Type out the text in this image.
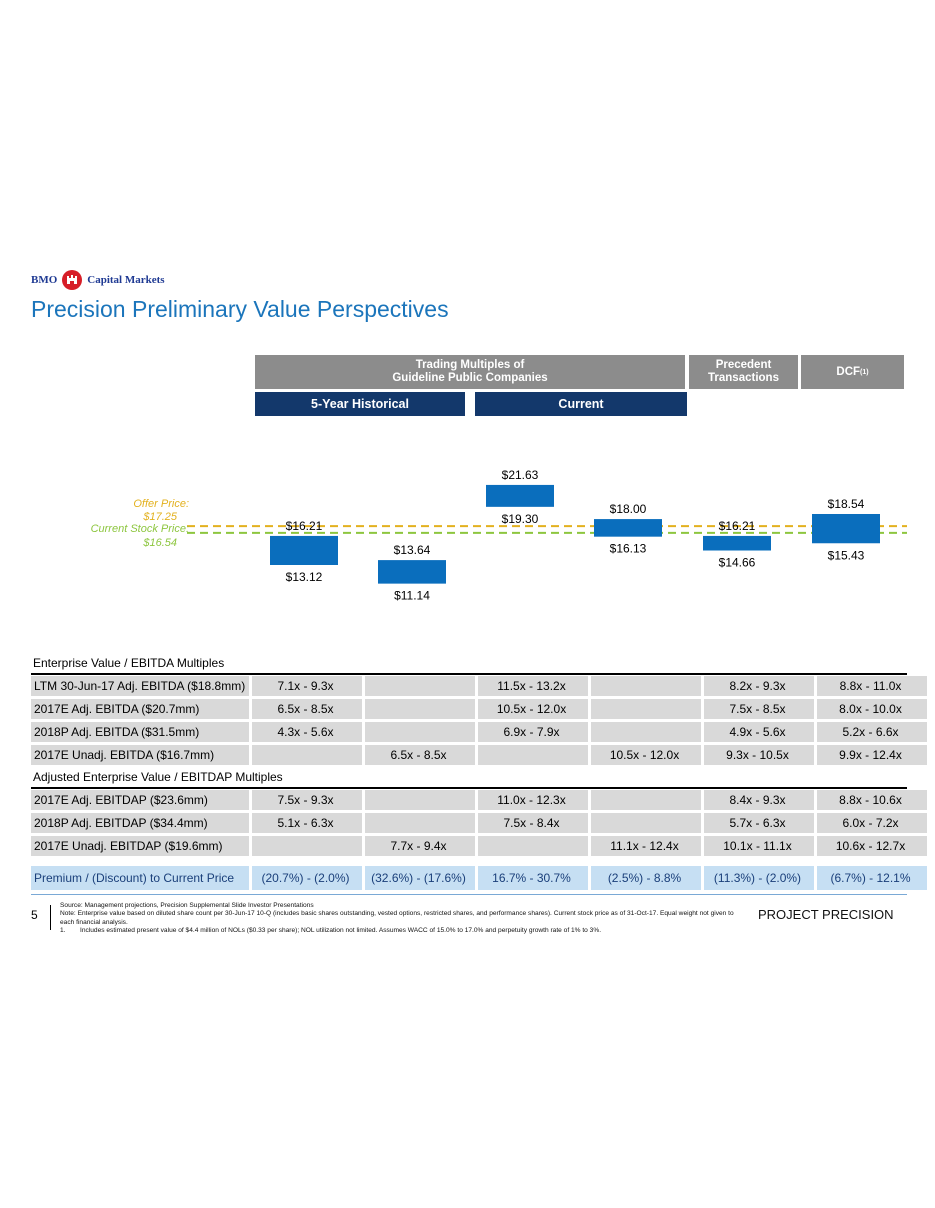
BMO	Capital Markets
Precision Preliminary Value Perspectives
Trading Multiples of
Guideline Public Companies
Precedent
Transactions
DCF (1)
5-Year Historical	Current
Offer Price:
$17.25
Current Stock Price:
$16.54
$16.21
$13.12
$13.64
$11.14
$21.63
$19.30
$18.00
$16.13
$16.21
$14.66
$18.54
$15.43
Enterprise Value / EBITDA Multiples
LTM 30-Jun-17 Adj. EBITDA ($18.8mm)	7.1x - 9.3x		11.5x - 13.2x		8.2x - 9.3x	8.8x - 11.0x
2017E Adj. EBITDA ($20.7mm)	6.5x - 8.5x		10.5x - 12.0x		7.5x - 8.5x	8.0x - 10.0x
2018P Adj. EBITDA ($31.5mm)	4.3x - 5.6x		6.9x - 7.9x		4.9x - 5.6x	5.2x - 6.6x
2017E Unadj. EBITDA ($16.7mm)		6.5x - 8.5x		10.5x - 12.0x	9.3x - 10.5x	9.9x - 12.4x
Adjusted Enterprise Value / EBITDAP Multiples
2017E Adj. EBITDAP ($23.6mm)	7.5x - 9.3x		11.0x - 12.3x		8.4x - 9.3x	8.8x - 10.6x
2018P Adj. EBITDAP ($34.4mm)	5.1x - 6.3x		7.5x - 8.4x		5.7x - 6.3x	6.0x - 7.2x
2017E Unadj. EBITDAP ($19.6mm)		7.7x - 9.4x		11.1x - 12.4x	10.1x - 11.1x	10.6x - 12.7x
Premium / (Discount) to Current Price	(20.7%) - (2.0%)	(32.6%) - (17.6%)	16.7% - 30.7%	(2.5%) - 8.8%	(11.3%) - (2.0%)	(6.7%) - 12.1%
5
Source: Management projections, Precision Supplemental Slide Investor Presentations
Note: Enterprise value based on diluted share count per 30-Jun-17 10-Q (includes basic shares outstanding, vested options, restricted shares, and performance shares). Current stock price as of 31-Oct-17. Equal weight not given to each financial analysis.
1. Includes estimated present value of $4.4 million of NOLs ($0.33 per share); NOL utilization not limited. Assumes WACC of 15.0% to 17.0% and perpetuity growth rate of 1% to 3%.
PROJECT PRECISION
